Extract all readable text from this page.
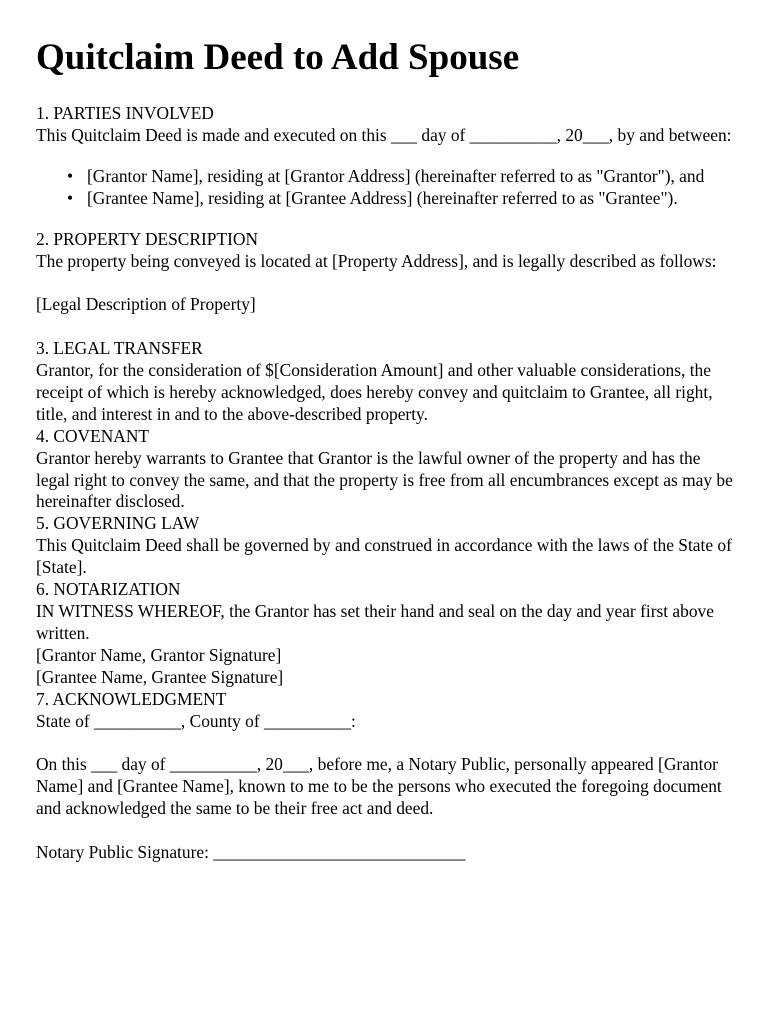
Quitclaim Deed to Add Spouse

1. PARTIES INVOLVED

This Quitclaim Deed is made and executed on this ___ day of __________, 20___, by and between:

• [Grantor Name], residing at [Grantor Address] (hereinafter referred to as "Grantor"), and
• [Grantee Name], residing at [Grantee Address] (hereinafter referred to as "Grantee").

2. PROPERTY DESCRIPTION

The property being conveyed is located at [Property Address], and is legally described as follows:

[Legal Description of Property]

3. LEGAL TRANSFER

Grantor, for the consideration of $[Consideration Amount] and other valuable considerations, the receipt of which is hereby acknowledged, does hereby convey and quitclaim to Grantee, all right, title, and interest in and to the above-described property.

4. COVENANT

Grantor hereby warrants to Grantee that Grantor is the lawful owner of the property and has the legal right to convey the same, and that the property is free from all encumbrances except as may be hereinafter disclosed.

5. GOVERNING LAW

This Quitclaim Deed shall be governed by and construed in accordance with the laws of the State of [State].

6. NOTARIZATION

IN WITNESS WHEREOF, the Grantor has set their hand and seal on the day and year first above written.

[Grantor Name, Grantor Signature]

[Grantee Name, Grantee Signature]

7. ACKNOWLEDGMENT

State of __________, County of __________:

On this ___ day of __________, 20___, before me, a Notary Public, personally appeared [Grantor Name] and [Grantee Name], known to me to be the persons who executed the foregoing document and acknowledged the same to be their free act and deed.

Notary Public Signature: _____________________________
